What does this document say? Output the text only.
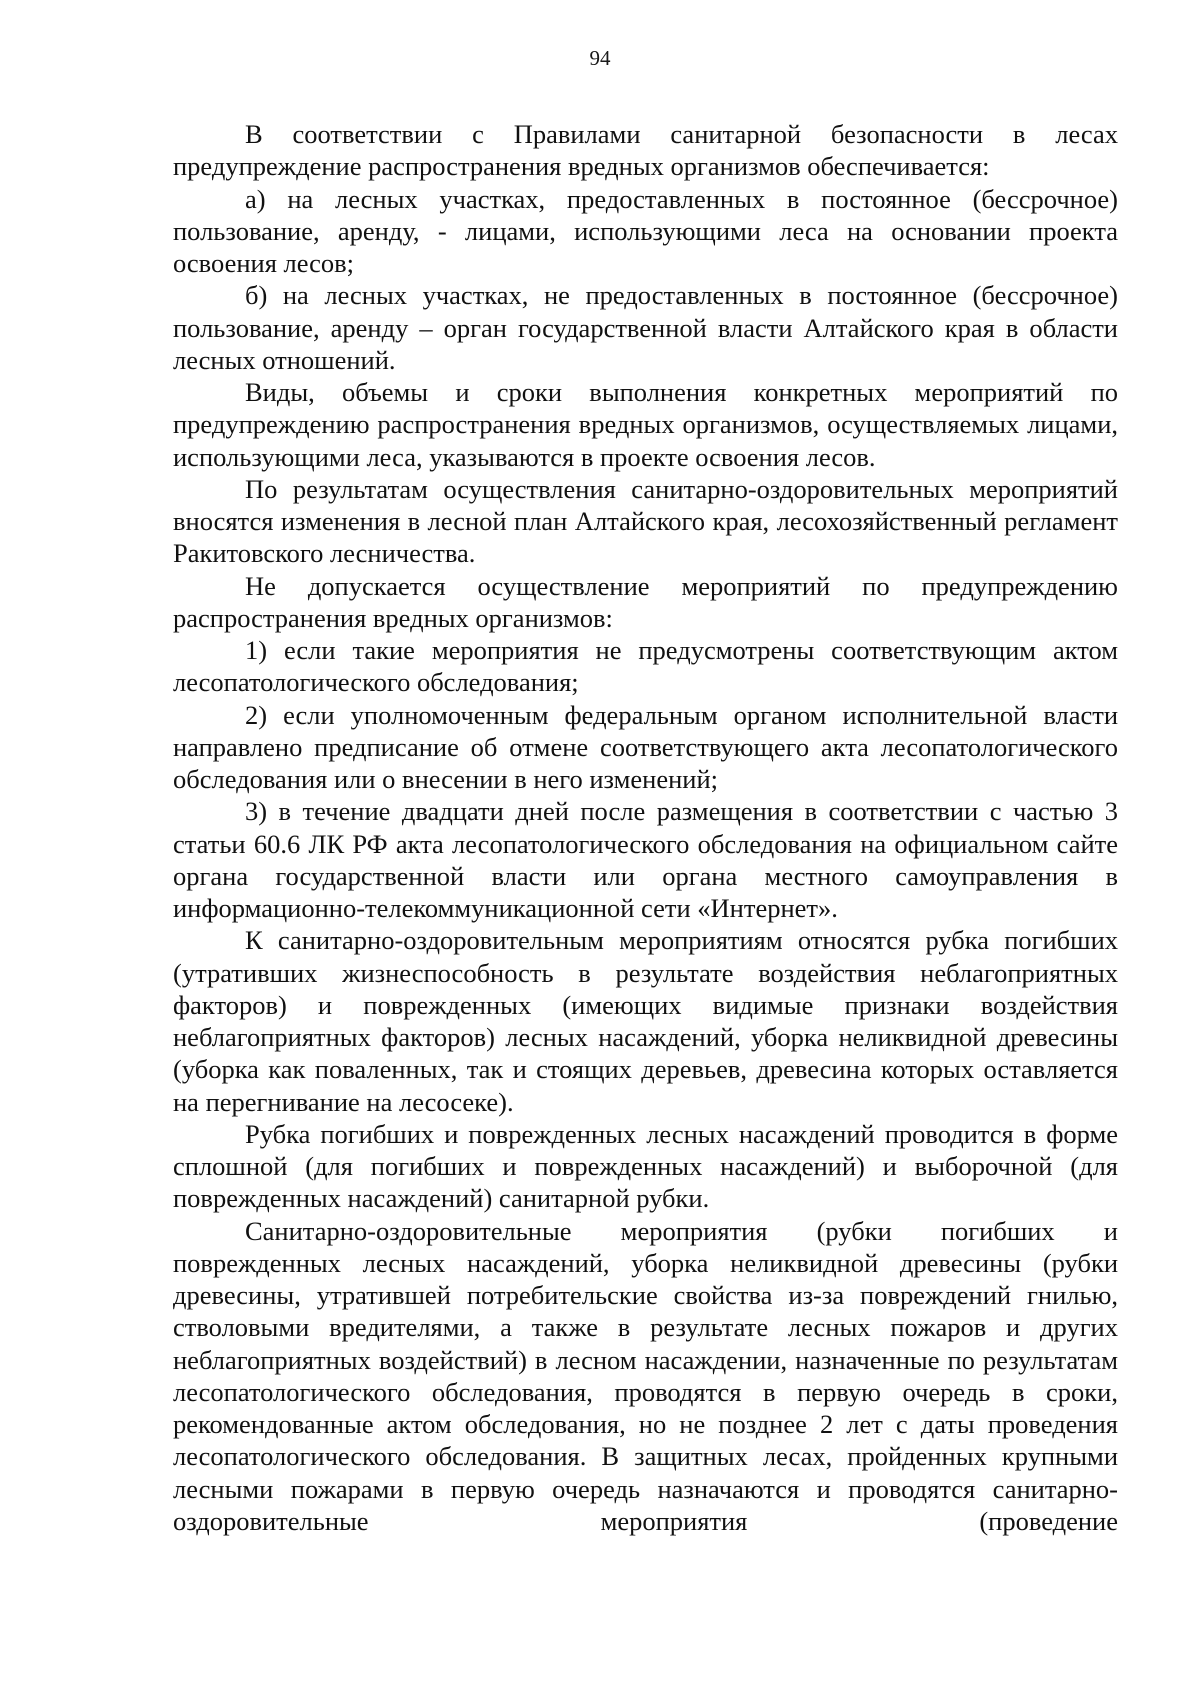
94

В соответствии с Правилами санитарной безопасности в лесах предупреждение распространения вредных организмов обеспечивается:

а) на лесных участках, предоставленных в постоянное (бессрочное) пользование, аренду, - лицами, использующими леса на основании проекта освоения лесов;

б) на лесных участках, не предоставленных в постоянное (бессрочное) пользование, аренду – орган государственной власти Алтайского края в области лесных отношений.

Виды, объемы и сроки выполнения конкретных мероприятий по предупреждению распространения вредных организмов, осуществляемых лицами, использующими леса, указываются в проекте освоения лесов.

По результатам осуществления санитарно-оздоровительных мероприятий вносятся изменения в лесной план Алтайского края, лесохозяйственный регламент Ракитовского лесничества.

Не допускается осуществление мероприятий по предупреждению распространения вредных организмов:

1) если такие мероприятия не предусмотрены соответствующим актом лесопатологического обследования;

2) если уполномоченным федеральным органом исполнительной власти направлено предписание об отмене соответствующего акта лесопатологического обследования или о внесении в него изменений;

3) в течение двадцати дней после размещения в соответствии с частью 3 статьи 60.6 ЛК РФ акта лесопатологического обследования на официальном сайте органа государственной власти или органа местного самоуправления в информационно-телекоммуникационной сети «Интернет».

К санитарно-оздоровительным мероприятиям относятся рубка погибших (утративших жизнеспособность в результате воздействия неблагоприятных факторов) и поврежденных (имеющих видимые признаки воздействия неблагоприятных факторов) лесных насаждений, уборка неликвидной древесины (уборка как поваленных, так и стоящих деревьев, древесина которых оставляется на перегнивание на лесосеке).

Рубка погибших и поврежденных лесных насаждений проводится в форме сплошной (для погибших и поврежденных насаждений) и выборочной (для поврежденных насаждений) санитарной рубки.

Санитарно-оздоровительные мероприятия (рубки погибших и поврежденных лесных насаждений, уборка неликвидной древесины (рубки древесины, утратившей потребительские свойства из-за повреждений гнилью, стволовыми вредителями, а также в результате лесных пожаров и других неблагоприятных воздействий) в лесном насаждении, назначенные по результатам лесопатологического обследования, проводятся в первую очередь в сроки, рекомендованные актом обследования, но не позднее 2 лет с даты проведения лесопатологического обследования. В защитных лесах, пройденных крупными лесными пожарами в первую очередь назначаются и проводятся санитарно-оздоровительные мероприятия (проведение
